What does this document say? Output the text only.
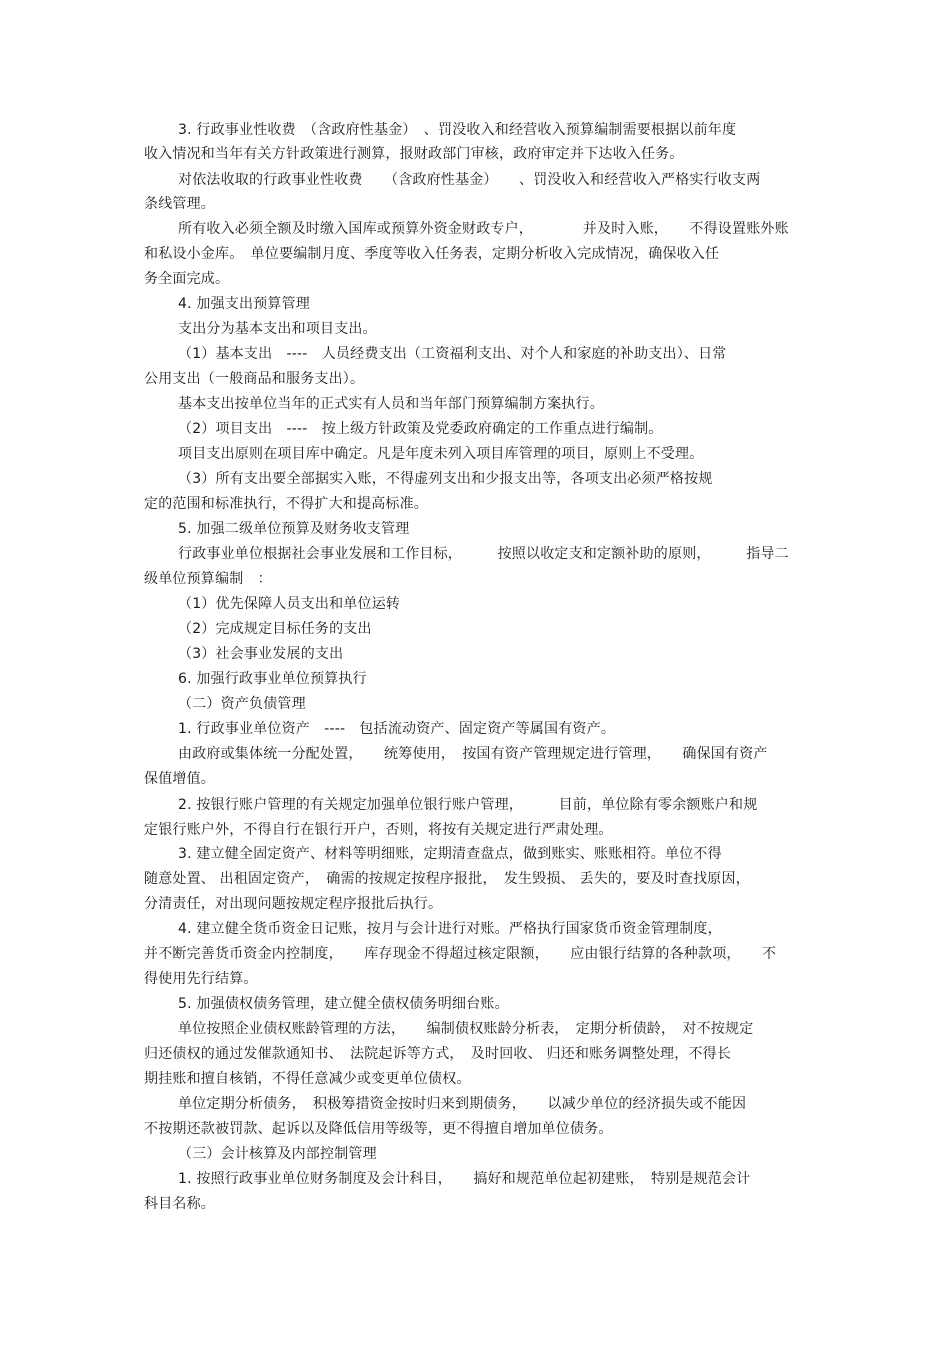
3. 行政事业性收费　（含政府性基金）　、罚没收入和经营收入预算编制需要根据以前年度
收入情况和当年有关方针政策进行测算，报财政部门审核，政府审定并下达收入任务。
对依法收取的行政事业性收费　　（含政府性基金）　　、罚没收入和经营收入严格实行收支两
条线管理。
所有收入必须全额及时缴入国库或预算外资金财政专户，　　　　并及时入账，　　不得设置账外账
和私设小金库。　单位要编制月度、季度等收入任务表，定期分析收入完成情况，确保收入任
务全面完成。
4. 加强支出预算管理
支出分为基本支出和项目支出。
（1）基本支出　----　人员经费支出（工资福利支出、对个人和家庭的补助支出）、日常
公用支出（一般商品和服务支出）。
基本支出按单位当年的正式实有人员和当年部门预算编制方案执行。
（2）项目支出　----　按上级方针政策及党委政府确定的工作重点进行编制。
项目支出原则在项目库中确定。凡是年度未列入项目库管理的项目，原则上不受理。
（3）所有支出要全部据实入账，不得虚列支出和少报支出等，各项支出必须严格按规
定的范围和标准执行，不得扩大和提高标准。
5. 加强二级单位预算及财务收支管理
行政事业单位根据社会事业发展和工作目标，　　　按照以收定支和定额补助的原则，　　　指导二
级单位预算编制　：
（1）优先保障人员支出和单位运转
（2）完成规定目标任务的支出
（3）社会事业发展的支出
6. 加强行政事业单位预算执行
（二）资产负债管理
1. 行政事业单位资产　----　包括流动资产、固定资产等属国有资产。
由政府或集体统一分配处置，　　统筹使用，　按国有资产管理规定进行管理，　　确保国有资产
保值增值。
2. 按银行账户管理的有关规定加强单位银行账户管理，　　　目前，单位除有零余额账户和规
定银行账户外，不得自行在银行开户，否则，将按有关规定进行严肃处理。
3. 建立健全固定资产、材料等明细账，定期清查盘点，做到账实、账账相符。单位不得
随意处置、 出租固定资产，　确需的按规定按程序报批，　发生毁损、 丢失的，要及时查找原因，
分清责任，对出现问题按规定程序报批后执行。
4. 建立健全货币资金日记账，按月与会计进行对账。严格执行国家货币资金管理制度，
并不断完善货币资金内控制度，　　库存现金不得超过核定限额，　　应由银行结算的各种款项，　　不
得使用先行结算。
5. 加强债权债务管理，建立健全债权债务明细台账。
单位按照企业债权账龄管理的方法，　　编制债权账龄分析表，　定期分析债龄，　对不按规定
归还债权的通过发催款通知书、　法院起诉等方式，　及时回收、 归还和账务调整处理，不得长
期挂账和擅自核销，不得任意减少或变更单位债权。
单位定期分析债务，　积极筹措资金按时归来到期债务，　　以减少单位的经济损失或不能因
不按期还款被罚款、起诉以及降低信用等级等，更不得擅自增加单位债务。
（三）会计核算及内部控制管理
1. 按照行政事业单位财务制度及会计科目，　　搞好和规范单位起初建账，　特别是规范会计
科目名称。
